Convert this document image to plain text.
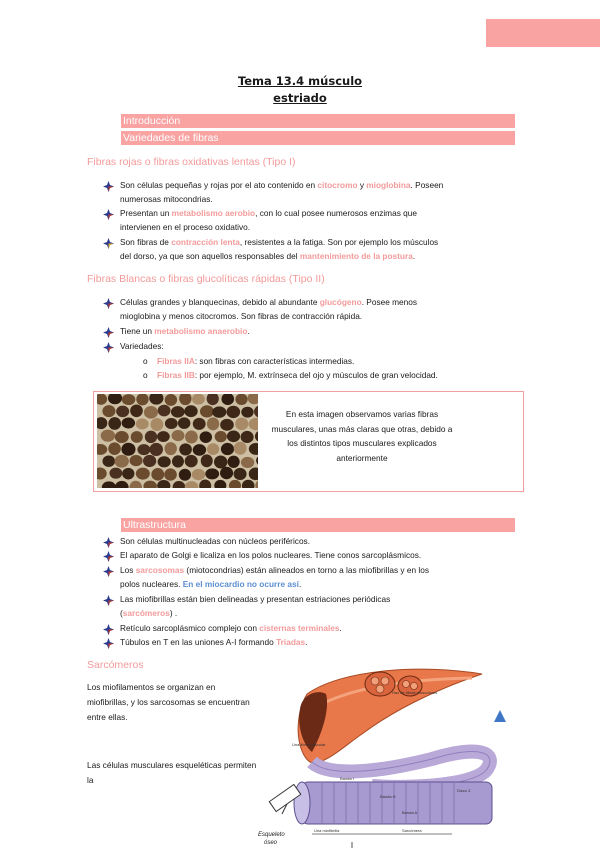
Tema 13.4 músculo
estriado
Introducción
Variedades de fibras
Fibras rojas o fibras oxidativas lentas (Tipo I)
Son células pequeñas y rojas por el ato contenido en citocromo y mioglobina. Poseen
numerosas mitocondrias.
Presentan un metabolismo aerobio, con lo cual posee numerosos enzimas que
intervienen en el proceso oxidativo.
Son fibras de contracción lenta, resistentes a la fatiga. Son por ejemplo los músculos
del dorso, ya que son aquellos responsables del mantenimiento de la postura.
Fibras Blancas o fibras glucolíticas rápidas (Tipo II)
Células grandes y blanquecinas, debido al abundante glucógeno. Posee menos
mioglobina y menos citocromos. Son fibras de contracción rápida.
Tiene un metabolismo anaerobio.
Variedades:
o Fibras IIA: son fibras con características intermedias.
o Fibras IIB: por ejemplo, M. extrínseca del ojo y músculos de gran velocidad.
En esta imagen observamos varias fibras musculares, unas más claras que otras, debido a los distintos tipos musculares explicados anteriormente
Ultrastructura
Son células multinucleadas con núcleos periféricos.
El aparato de Golgi e licaliza en los polos nucleares. Tiene conos sarcoplásmicos.
Los sarcosomas (miotocondrias) están alineados en torno a las miofibrillas y en los
polos nucleares. En el miocardio no ocurre así.
Las miofibrillas están bien delineadas y presentan estriaciones periódicas
(sarcómeros) .
Retículo sarcoplásmico complejo con cisternas terminales.
Túbulos en T en las uniones A-I formando Triadas.
Sarcómeros
Los miofilamentos se organizan en miofibrillas, y los sarcosomas se encuentran entre ellas.
Las células musculares esqueléticas permiten la
Haz de fibras musculares
Una fibra muscular
Banda I
Banda H
Banda A
Disco Z
Una miofibrilla	Sarcómera
Esqueleto
óseo
